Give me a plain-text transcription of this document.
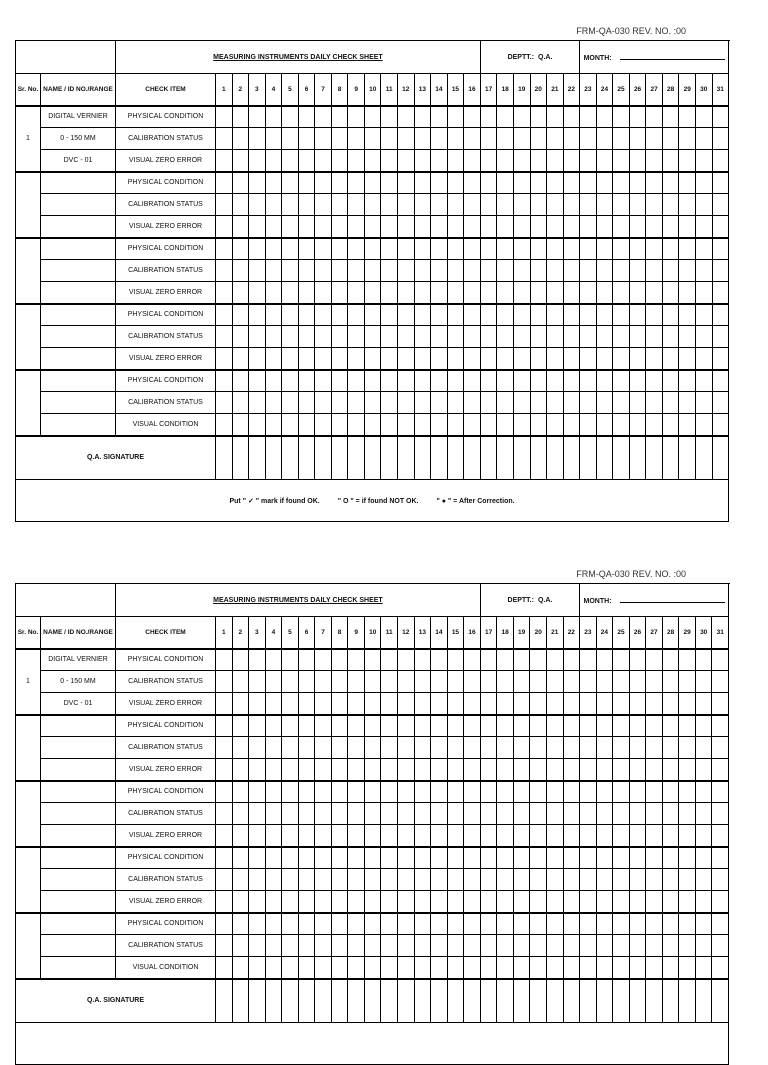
FRM-QA-030 REV. NO. :00
		MEASURING INSTRUMENTS DAILY CHECK SHEET																	DEPTT.: Q.A.						MONTH:								
Sr. No.	NAME / ID NO./RANGE	CHECK ITEM	1	2	3	4	5	6	7	8	9	10	11	12	13	14	15	16	17	18	19	20	21	22	23	24	25	26	27	28	29	30	31
1	DIGITAL VERNIER	PHYSICAL CONDITION																															
	0 - 150 MM	CALIBRATION STATUS																															
	DVC - 01	VISUAL ZERO ERROR																															
		PHYSICAL CONDITION																															
		CALIBRATION STATUS																															
		VISUAL ZERO ERROR																															
		PHYSICAL CONDITION																															
		CALIBRATION STATUS																															
		VISUAL ZERO ERROR																															
		PHYSICAL CONDITION																															
		CALIBRATION STATUS																															
		VISUAL ZERO ERROR																															
		PHYSICAL CONDITION																															
		CALIBRATION STATUS																															
		VISUAL CONDITION																															
Q.A. SIGNATURE																																	
Put " ✓ " mark if found OK. " O " = if found NOT OK. " ● " = After Correction.																																	
FRM-QA-030 REV. NO. :00
		MEASURING INSTRUMENTS DAILY CHECK SHEET																	DEPTT.: Q.A.						MONTH:								
Sr. No.	NAME / ID NO./RANGE	CHECK ITEM	1	2	3	4	5	6	7	8	9	10	11	12	13	14	15	16	17	18	19	20	21	22	23	24	25	26	27	28	29	30	31
1	DIGITAL VERNIER	PHYSICAL CONDITION																															
	0 - 150 MM	CALIBRATION STATUS																															
	DVC - 01	VISUAL ZERO ERROR																															
		PHYSICAL CONDITION																															
		CALIBRATION STATUS																															
		VISUAL ZERO ERROR																															
		PHYSICAL CONDITION																															
		CALIBRATION STATUS																															
		VISUAL ZERO ERROR																															
		PHYSICAL CONDITION																															
		CALIBRATION STATUS																															
		VISUAL ZERO ERROR																															
		PHYSICAL CONDITION																															
		CALIBRATION STATUS																															
		VISUAL CONDITION																															
Q.A. SIGNATURE																																	
